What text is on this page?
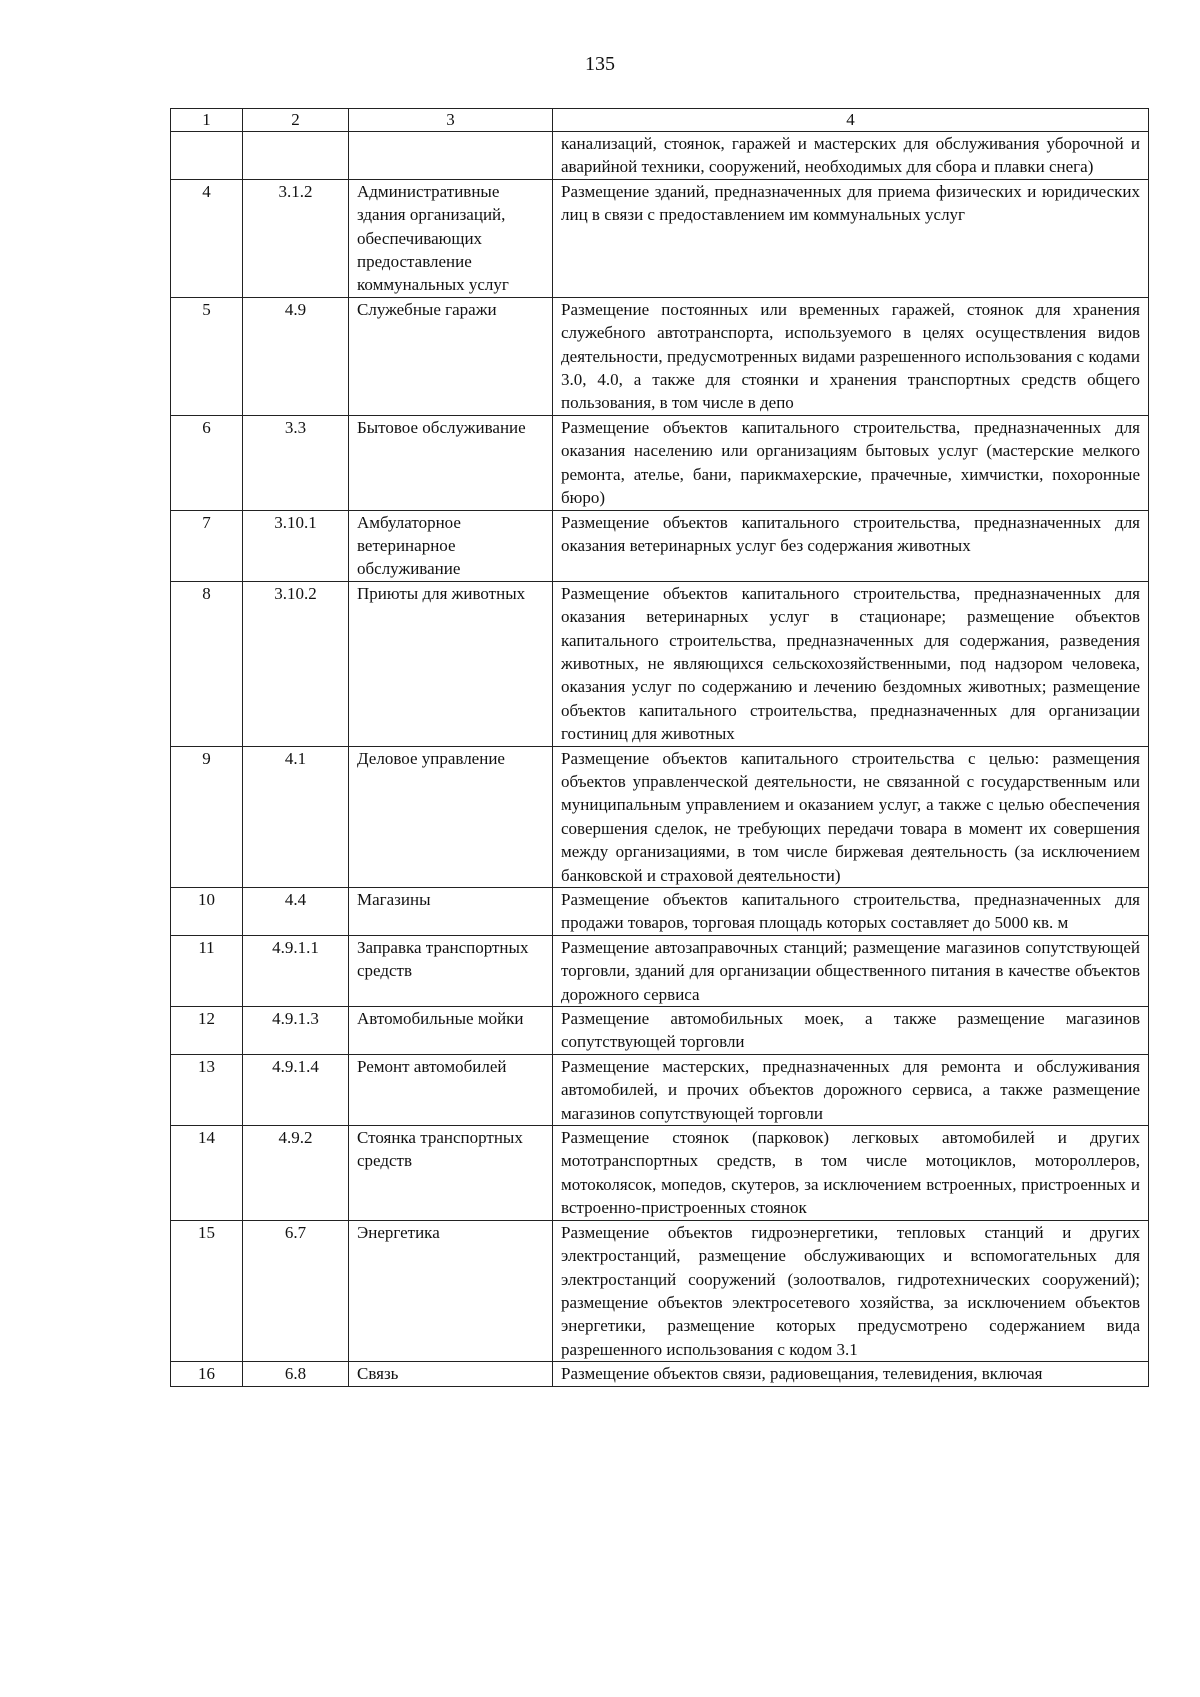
135
1	2	3	4
			канализаций, стоянок, гаражей и мастерских для обслуживания уборочной и аварийной техники, сооружений, необходимых для сбора и плавки снега)
4	3.1.2	Административные здания организаций, обеспечивающих предоставление коммунальных услуг	Размещение зданий, предназначенных для приема физических и юридических лиц в связи с предоставлением им коммунальных услуг
5	4.9	Служебные гаражи	Размещение постоянных или временных гаражей, стоянок для хранения служебного автотранспорта, используемого в целях осуществления видов деятельности, предусмотренных видами разрешенного использования с кодами 3.0, 4.0, а также для стоянки и хранения транспортных средств общего пользования, в том числе в депо
6	3.3	Бытовое обслуживание	Размещение объектов капитального строительства, предназначенных для оказания населению или организациям бытовых услуг (мастерские мелкого ремонта, ателье, бани, парикмахерские, прачечные, химчистки, похоронные бюро)
7	3.10.1	Амбулаторное ветеринарное обслуживание	Размещение объектов капитального строительства, предназначенных для оказания ветеринарных услуг без содержания животных
8	3.10.2	Приюты для животных	Размещение объектов капитального строительства, предназначенных для оказания ветеринарных услуг в стационаре; размещение объектов капитального строительства, предназначенных для содержания, разведения животных, не являющихся сельскохозяйственными, под надзором человека, оказания услуг по содержанию и лечению бездомных животных; размещение объектов капитального строительства, предназначенных для организации гостиниц для животных
9	4.1	Деловое управление	Размещение объектов капитального строительства с целью: размещения объектов управленческой деятельности, не связанной с государственным или муниципальным управлением и оказанием услуг, а также с целью обеспечения совершения сделок, не требующих передачи товара в момент их совершения между организациями, в том числе биржевая деятельность (за исключением банковской и страховой деятельности)
10	4.4	Магазины	Размещение объектов капитального строительства, предназначенных для продажи товаров, торговая площадь которых составляет до 5000 кв. м
11	4.9.1.1	Заправка транспортных средств	Размещение автозаправочных станций; размещение магазинов сопутствующей торговли, зданий для организации общественного питания в качестве объектов дорожного сервиса
12	4.9.1.3	Автомобильные мойки	Размещение автомобильных моек, а также размещение магазинов сопутствующей торговли
13	4.9.1.4	Ремонт автомобилей	Размещение мастерских, предназначенных для ремонта и обслуживания автомобилей, и прочих объектов дорожного сервиса, а также размещение магазинов сопутствующей торговли
14	4.9.2	Стоянка транспортных средств	Размещение стоянок (парковок) легковых автомобилей и других мототранспортных средств, в том числе мотоциклов, мотороллеров, мотоколясок, мопедов, скутеров, за исключением встроенных, пристроенных и встроенно-пристроенных стоянок
15	6.7	Энергетика	Размещение объектов гидроэнергетики, тепловых станций и других электростанций, размещение обслуживающих и вспомогательных для электростанций сооружений (золоотвалов, гидротехнических сооружений); размещение объектов электросетевого хозяйства, за исключением объектов энергетики, размещение которых предусмотрено содержанием вида разрешенного использования с кодом 3.1
16	6.8	Связь	Размещение объектов связи, радиовещания, телевидения, включая
